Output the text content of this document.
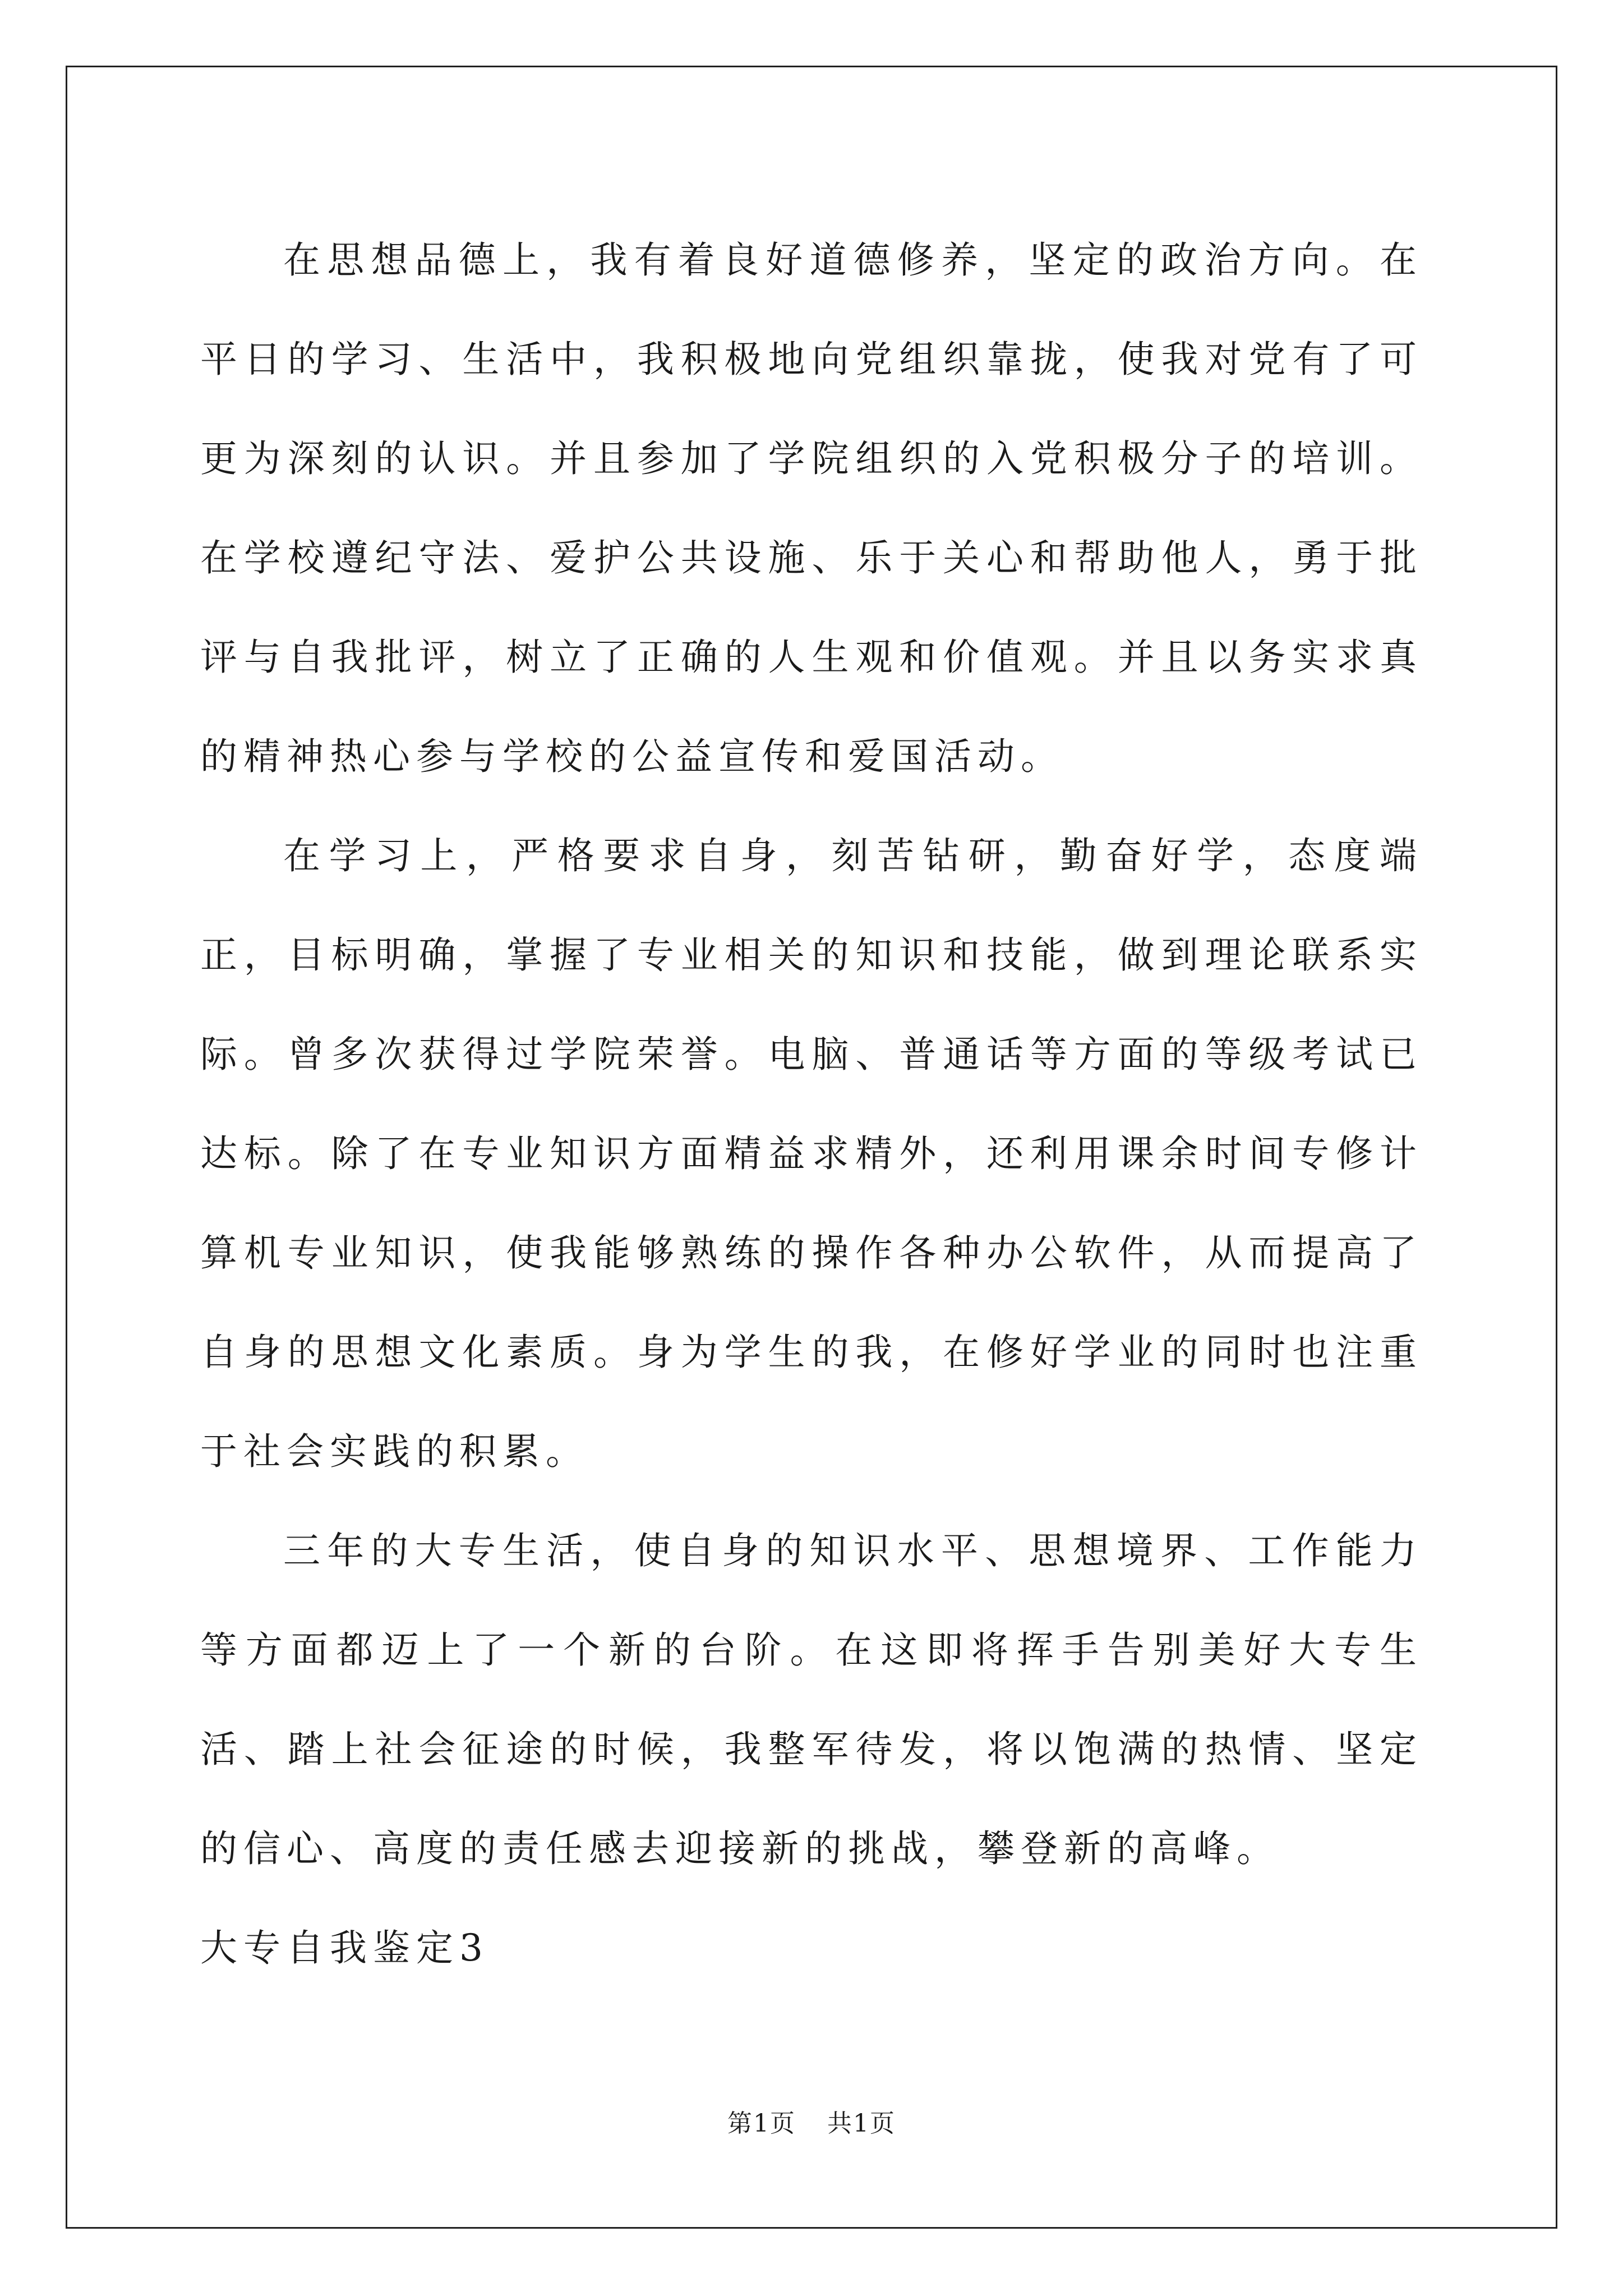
在思想品德上，我有着良好道德修养，坚定的政治方向。在平日的学习、生活中，我积极地向党组织靠拢，使我对党有了可更为深刻的认识。并且参加了学院组织的入党积极分子的培训。在学校遵纪守法、爱护公共设施、乐于关心和帮助他人，勇于批评与自我批评，树立了正确的人生观和价值观。并且以务实求真的精神热心参与学校的公益宣传和爱国活动。

在学习上，严格要求自身，刻苦钻研，勤奋好学，态度端正，目标明确，掌握了专业相关的知识和技能，做到理论联系实际。曾多次获得过学院荣誉。电脑、普通话等方面的等级考试已达标。除了在专业知识方面精益求精外，还利用课余时间专修计算机专业知识，使我能够熟练的操作各种办公软件，从而提高了自身的思想文化素质。身为学生的我，在修好学业的同时也注重于社会实践的积累。

三年的大专生活，使自身的知识水平、思想境界、工作能力等方面都迈上了一个新的台阶。在这即将挥手告别美好大专生活、踏上社会征途的时候，我整军待发，将以饱满的热情、坚定的信心、高度的责任感去迎接新的挑战，攀登新的高峰。

大专自我鉴定3

第1页 共1页
